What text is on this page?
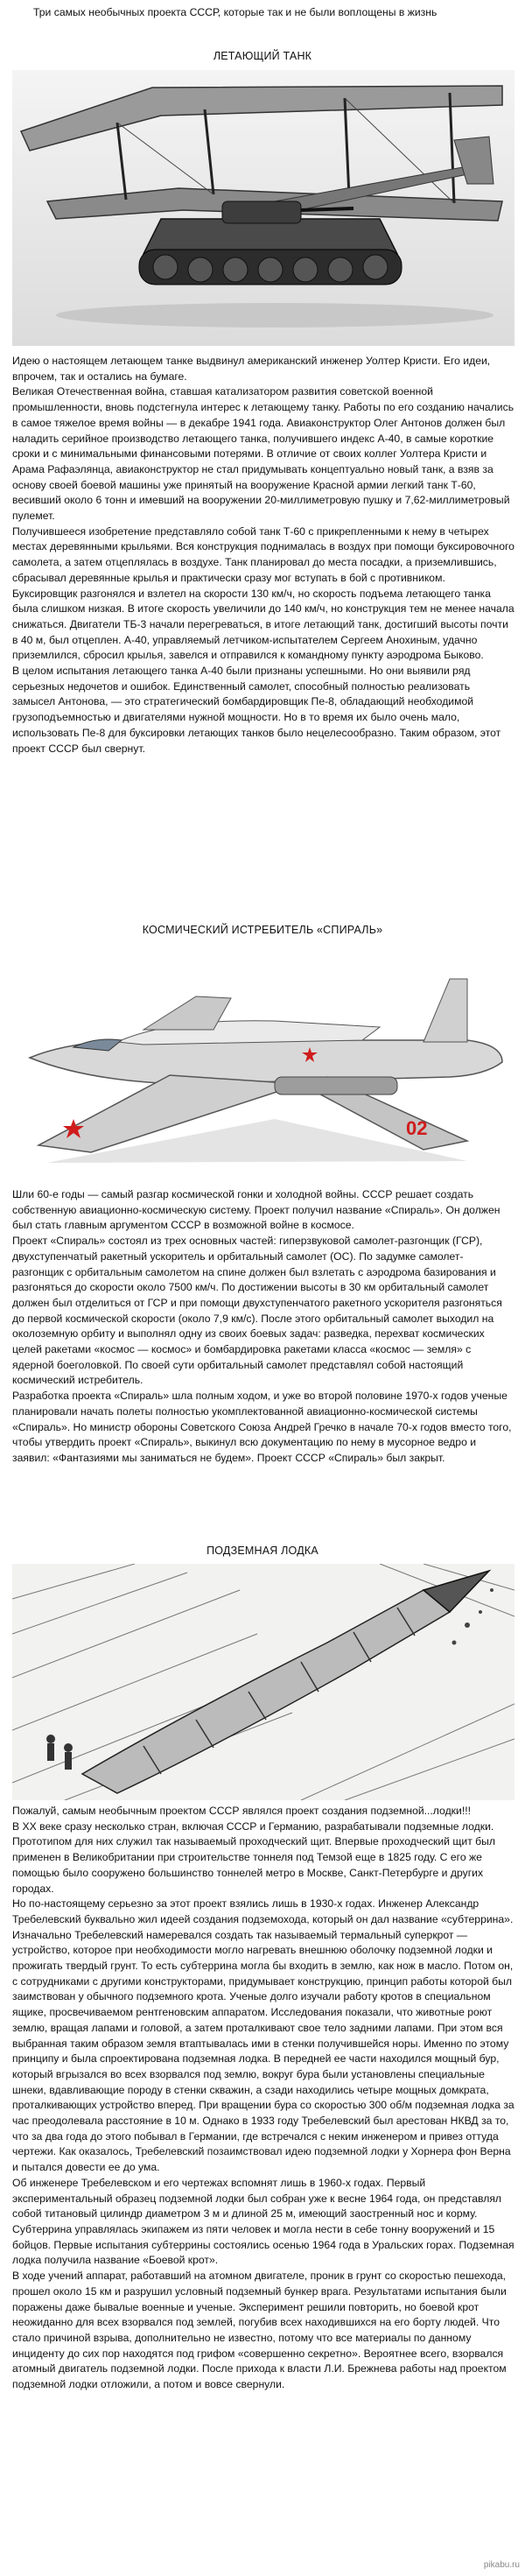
Три самых необычных проекта СССР, которые так и не были воплощены в жизнь
ЛЕТАЮЩИЙ ТАНК

Идею о настоящем летающем танке выдвинул американский инженер Уолтер Кристи. Его идеи, впрочем, так и остались на бумаге.

Великая Отечественная война, ставшая катализатором развития советской военной промышленности, вновь подстегнула интерес к летающему танку. Работы по его созданию начались в самое тяжелое время войны — в декабре 1941 года. Авиаконструктор Олег Антонов должен был наладить серийное производство летающего танка, получившего индекс А-40, в самые короткие сроки и с минимальными финансовыми потерями. В отличие от своих коллег Уолтера Кристи и Арама Рафаэлянца, авиаконструктор не стал придумывать концептуально новый танк, а взяв за основу своей боевой машины уже принятый на вооружение Красной армии легкий танк Т-60, весивший около 6 тонн и имевший на вооружении 20-миллиметровую пушку и 7,62-миллиметровый пулемет.

Получившееся изобретение представляло собой танк Т-60 с прикрепленными к нему в четырех местах деревянными крыльями. Вся конструкция поднималась в воздух при помощи буксировочного самолета, а затем отцеплялась в воздухе. Танк планировал до места посадки, а приземлившись, сбрасывал деревянные крылья и практически сразу мог вступать в бой с противником.

Буксировщик разгонялся и взлетел на скорости 130 км/ч, но скорость подъема летающего танка была слишком низкая. В итоге скорость увеличили до 140 км/ч, но конструкция тем не менее начала снижаться. Двигатели ТБ-3 начали перегреваться, в итоге летающий танк, достигший высоты почти в 40 м, был отцеплен. А-40, управляемый летчиком-испытателем Сергеем Анохиным, удачно приземлился, сбросил крылья, завелся и отправился к командному пункту аэродрома Быково.

В целом испытания летающего танка А-40 были признаны успешными. Но они выявили ряд серьезных недочетов и ошибок. Единственный самолет, способный полностью реализовать замысел Антонова, — это стратегический бомбардировщик Пе-8, обладающий необходимой грузоподъемностью и двигателями нужной мощности. Но в то время их было очень мало, использовать Пе-8 для буксировки летающих танков было нецелесообразно. Таким образом, этот проект СССР был свернут.

КОСМИЧЕСКИЙ ИСТРЕБИТЕЛЬ «СПИРАЛЬ»
02

Шли 60-е годы — самый разгар космической гонки и холодной войны. СССР решает создать собственную авиационно-космическую систему. Проект получил название «Спираль». Он должен был стать главным аргументом СССР в возможной войне в космосе.

Проект «Спираль» состоял из трех основных частей: гиперзвуковой самолет-разгонщик (ГСР), двухступенчатый ракетный ускоритель и орбитальный самолет (ОС). По задумке самолет-разгонщик с орбитальным самолетом на спине должен был взлетать с аэродрома базирования и разгоняться до скорости около 7500 км/ч. По достижении высоты в 30 км орбитальный самолет должен был отделиться от ГСР и при помощи двухступенчатого ракетного ускорителя разгоняться до первой космической скорости (около 7,9 км/с). После этого орбитальный самолет выходил на околоземную орбиту и выполнял одну из своих боевых задач: разведка, перехват космических целей ракетами «космос — космос» и бомбардировка ракетами класса «космос — земля» с ядерной боеголовкой. По своей сути орбитальный самолет представлял собой настоящий космический истребитель.

Разработка проекта «Спираль» шла полным ходом, и уже во второй половине 1970-х годов ученые планировали начать полеты полностью укомплектованной авиационно-космической системы «Спираль». Но министр обороны Советского Союза Андрей Гречко в начале 70-х годов вместо того, чтобы утвердить проект «Спираль», выкинул всю документацию по нему в мусорное ведро и заявил: «Фантазиями мы заниматься не будем». Проект СССР «Спираль» был закрыт.

ПОДЗЕМНАЯ ЛОДКА

Пожалуй, самым необычным проектом СССР являлся проект создания подземной...лодки!!!

В XX веке сразу несколько стран, включая СССР и Германию, разрабатывали подземные лодки. Прототипом для них служил так называемый проходческий щит. Впервые проходческий щит был применен в Великобритании при строительстве тоннеля под Темзой еще в 1825 году. С его же помощью было сооружено большинство тоннелей метро в Москве, Санкт-Петербурге и других городах.

Но по-настоящему серьезно за этот проект взялись лишь в 1930-х годах. Инженер Александр Требелевский буквально жил идеей создания подземохода, который он дал название «субтеррина». Изначально Требелевский намеревался создать так называемый термальный суперкрот — устройство, которое при необходимости могло нагревать внешнюю оболочку подземной лодки и прожигать твердый грунт. То есть субтеррина могла бы входить в землю, как нож в масло. Потом он, с сотрудниками с другими конструкторами, придумывает конструкцию, принцип работы которой был заимствован у обычного подземного крота. Ученые долго изучали работу кротов в специальном ящике, просвечиваемом рентгеновским аппаратом. Исследования показали, что животные роют землю, вращая лапами и головой, а затем проталкивают свое тело задними лапами. При этом вся выбранная таким образом земля втаптывалась ими в стенки получившейся норы. Именно по этому принципу и была спроектирована подземная лодка. В передней ее части находился мощный бур, который вгрызался во всех взорвался под землю, вокруг бура были установлены специальные шнеки, вдавливающие породу в стенки скважин, а сзади находились четыре мощных домкрата, проталкивающих устройство вперед. При вращении бура со скоростью 300 об/м подземная лодка за час преодолевала расстояние в 10 м. Однако в 1933 году Требелевский был арестован НКВД за то, что за два года до этого побывал в Германии, где встречался с неким инженером и привез оттуда чертежи. Как оказалось, Требелевский позаимствовал идею подземной лодки у Хорнера фон Верна и пытался довести ее до ума.

Об инженере Требелевском и его чертежах вспомнят лишь в 1960-х годах. Первый экспериментальный образец подземной лодки был собран уже к весне 1964 года, он представлял собой титановый цилиндр диаметром 3 м и длиной 25 м, имеющий заостренный нос и корму. Субтеррина управлялась экипажем из пяти человек и могла нести в себе тонну вооружений и 15 бойцов. Первые испытания субтеррины состоялись осенью 1964 года в Уральских горах. Подземная лодка получила название «Боевой крот».

В ходе учений аппарат, работавший на атомном двигателе, проник в грунт со скоростью пешехода, прошел около 15 км и разрушил условный подземный бункер врага. Результатами испытания были поражены даже бывалые военные и ученые. Эксперимент решили повторить, но боевой крот неожиданно для всех взорвался под землей, погубив всех находившихся на его борту людей. Что стало причиной взрыва, дополнительно не известно, потому что все материалы по данному инциденту до сих пор находятся под грифом «совершенно секретно». Вероятнее всего, взорвался атомный двигатель подземной лодки. После прихода к власти Л.И. Брежнева работы над проектом подземной лодки отложили, а потом и вовсе свернули.

pikabu.ru
